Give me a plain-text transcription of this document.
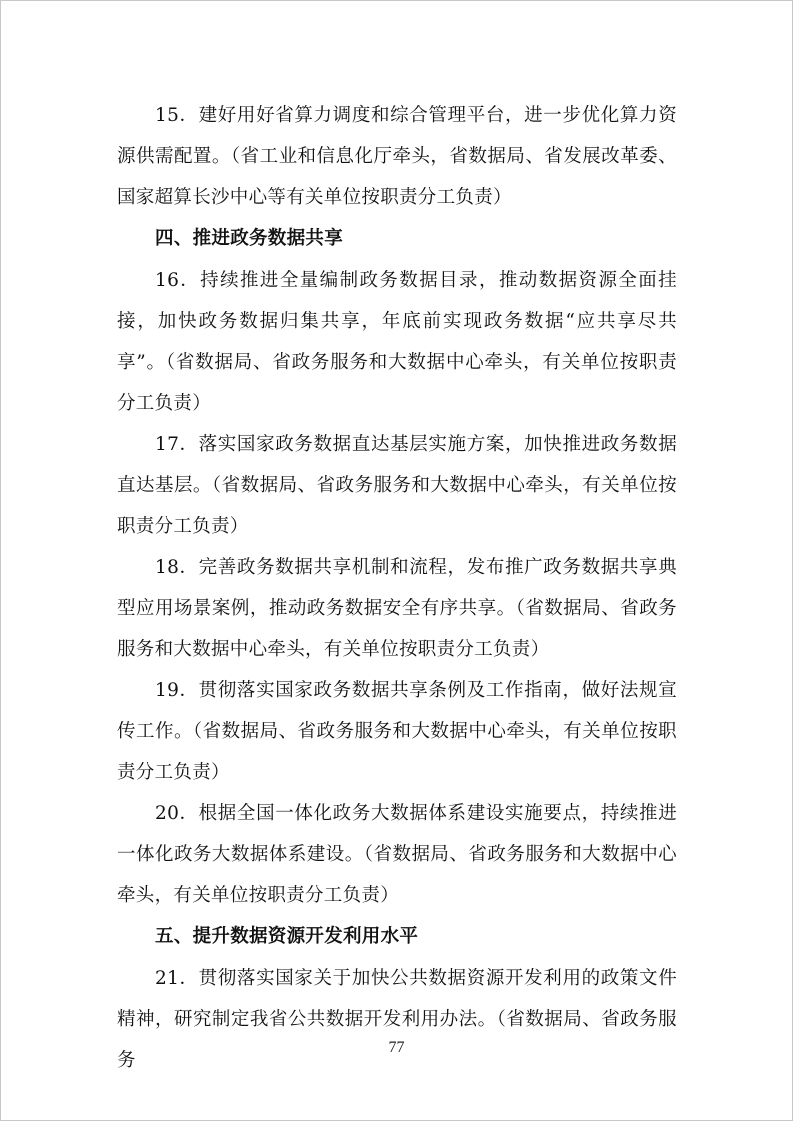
15．建好用好省算力调度和综合管理平台，进一步优化算力资源供需配置。（省工业和信息化厅牵头，省数据局、省发展改革委、国家超算长沙中心等有关单位按职责分工负责）

四、推进政务数据共享

16．持续推进全量编制政务数据目录，推动数据资源全面挂接，加快政务数据归集共享，年底前实现政务数据“应共享尽共享”。（省数据局、省政务服务和大数据中心牵头，有关单位按职责分工负责）

17．落实国家政务数据直达基层实施方案，加快推进政务数据直达基层。（省数据局、省政务服务和大数据中心牵头，有关单位按职责分工负责）

18．完善政务数据共享机制和流程，发布推广政务数据共享典型应用场景案例，推动政务数据安全有序共享。（省数据局、省政务服务和大数据中心牵头，有关单位按职责分工负责）

19．贯彻落实国家政务数据共享条例及工作指南，做好法规宣传工作。（省数据局、省政务服务和大数据中心牵头，有关单位按职责分工负责）

20．根据全国一体化政务大数据体系建设实施要点，持续推进一体化政务大数据体系建设。（省数据局、省政务服务和大数据中心牵头，有关单位按职责分工负责）

五、提升数据资源开发利用水平

21．贯彻落实国家关于加快公共数据资源开发利用的政策文件精神，研究制定我省公共数据开发利用办法。（省数据局、省政务服务

77
